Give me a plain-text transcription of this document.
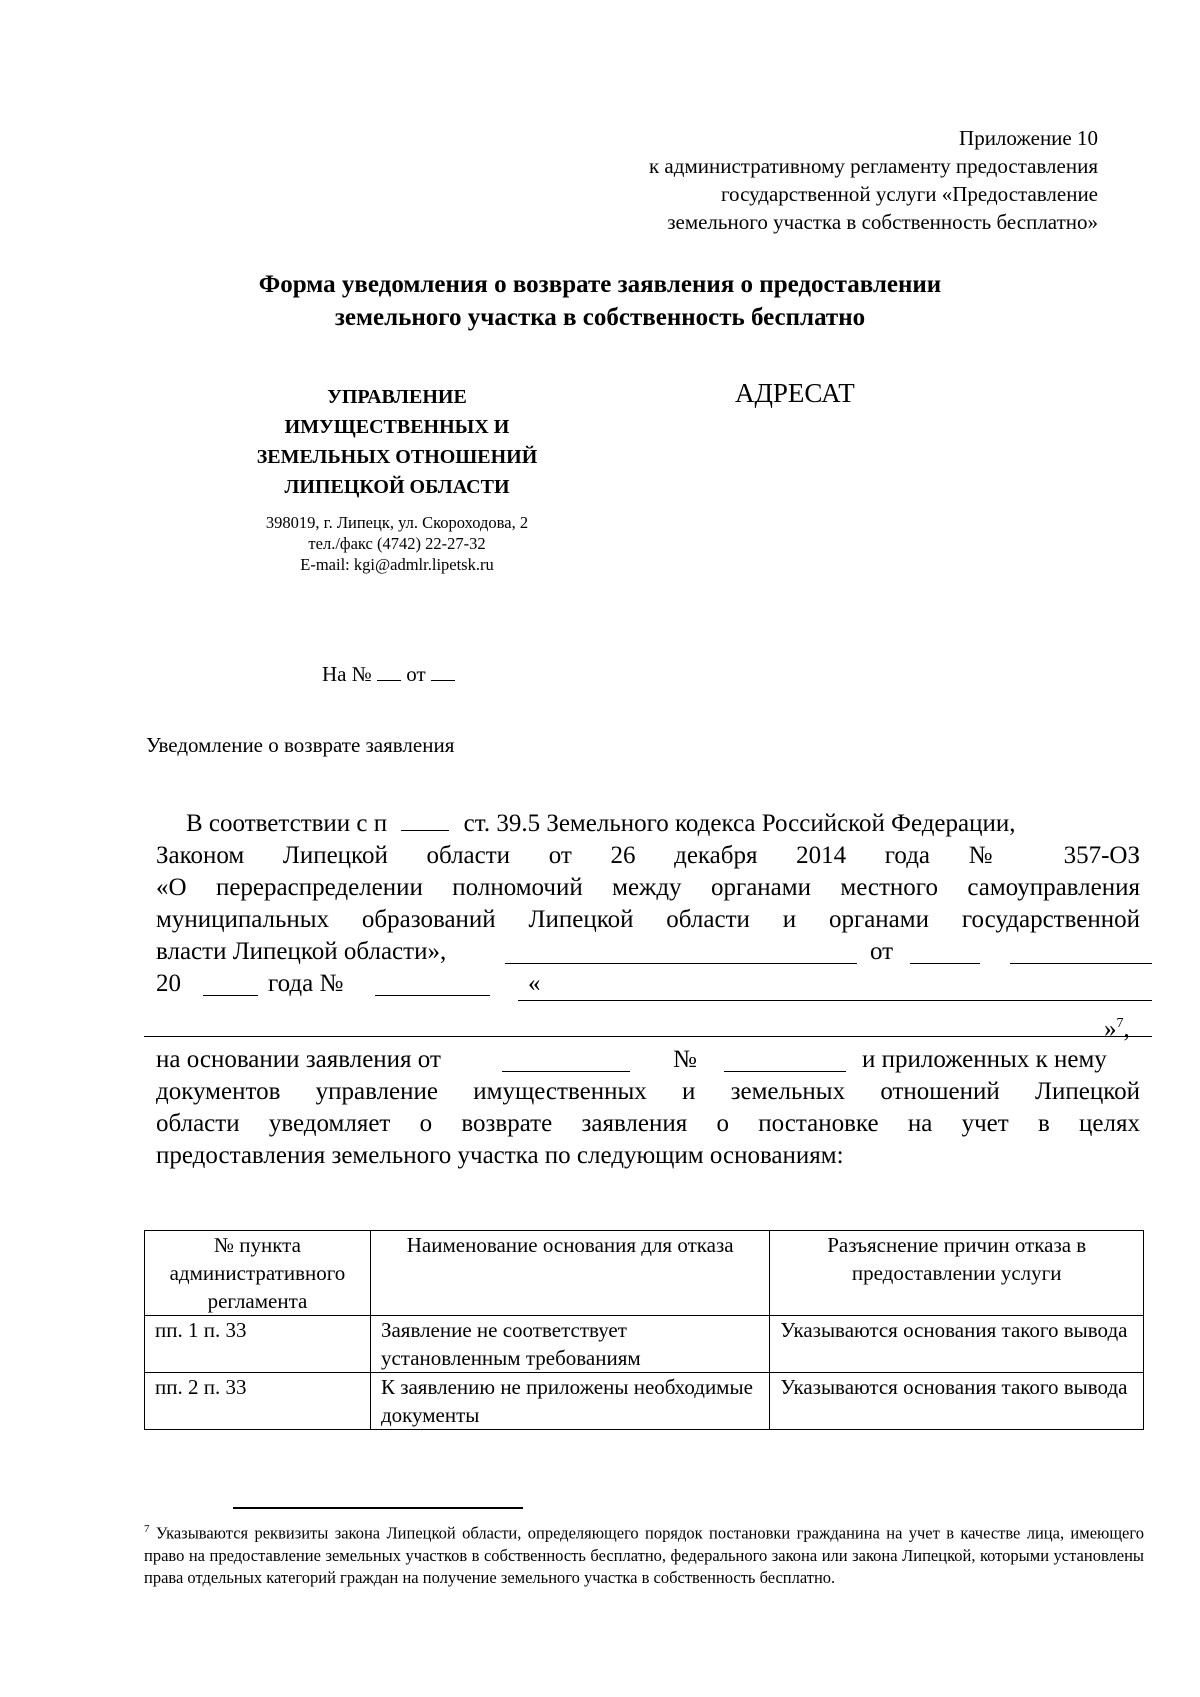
Приложение 10
к административному регламенту предоставления
государственной услуги «Предоставление
земельного участка в собственность бесплатно»
Форма уведомления о возврате заявления о предоставлении
земельного участка в собственность бесплатно
УПРАВЛЕНИЕ
ИМУЩЕСТВЕННЫХ И
ЗЕМЕЛЬНЫХ ОТНОШЕНИЙ
ЛИПЕЦКОЙ ОБЛАСТИ
398019, г. Липецк, ул. Скороходова, 2
тел./факс (4742) 22-27-32
E-mail: kgi@admlr.lipetsk.ru
АДРЕСАТ
На № от
Уведомление о возврате заявления
В соответствии с п	ст. 39.5 Земельного кодекса Российской Федерации,
Законом Липецкой области от 26 декабря 2014 года № 357-ОЗ
«О перераспределении полномочий между органами местного самоуправления
муниципальных образований Липецкой области и органами государственной
власти Липецкой области»,	от
20	года №	«
»$^7$,
на основании заявления от	№	и приложенных к нему
документов управление имущественных и земельных отношений Липецкой
области уведомляет о возврате заявления о постановке на учет в целях
предоставления земельного участка по следующим основаниям:
№ пункта административного регламента	Наименование основания для отказа	Разъяснение причин отказа в предоставлении услуги
пп. 1 п. 33	Заявление не соответствует установленным требованиям	Указываются основания такого вывода
пп. 2 п. 33	К заявлению не приложены необходимые документы	Указываются основания такого вывода
$^7$ Указываются реквизиты закона Липецкой области, определяющего порядок постановки гражданина на учет в качестве лица, имеющего право на предоставление земельных участков в собственность бесплатно, федерального закона или закона Липецкой, которыми установлены права отдельных категорий граждан на получение земельного участка в собственность бесплатно.
